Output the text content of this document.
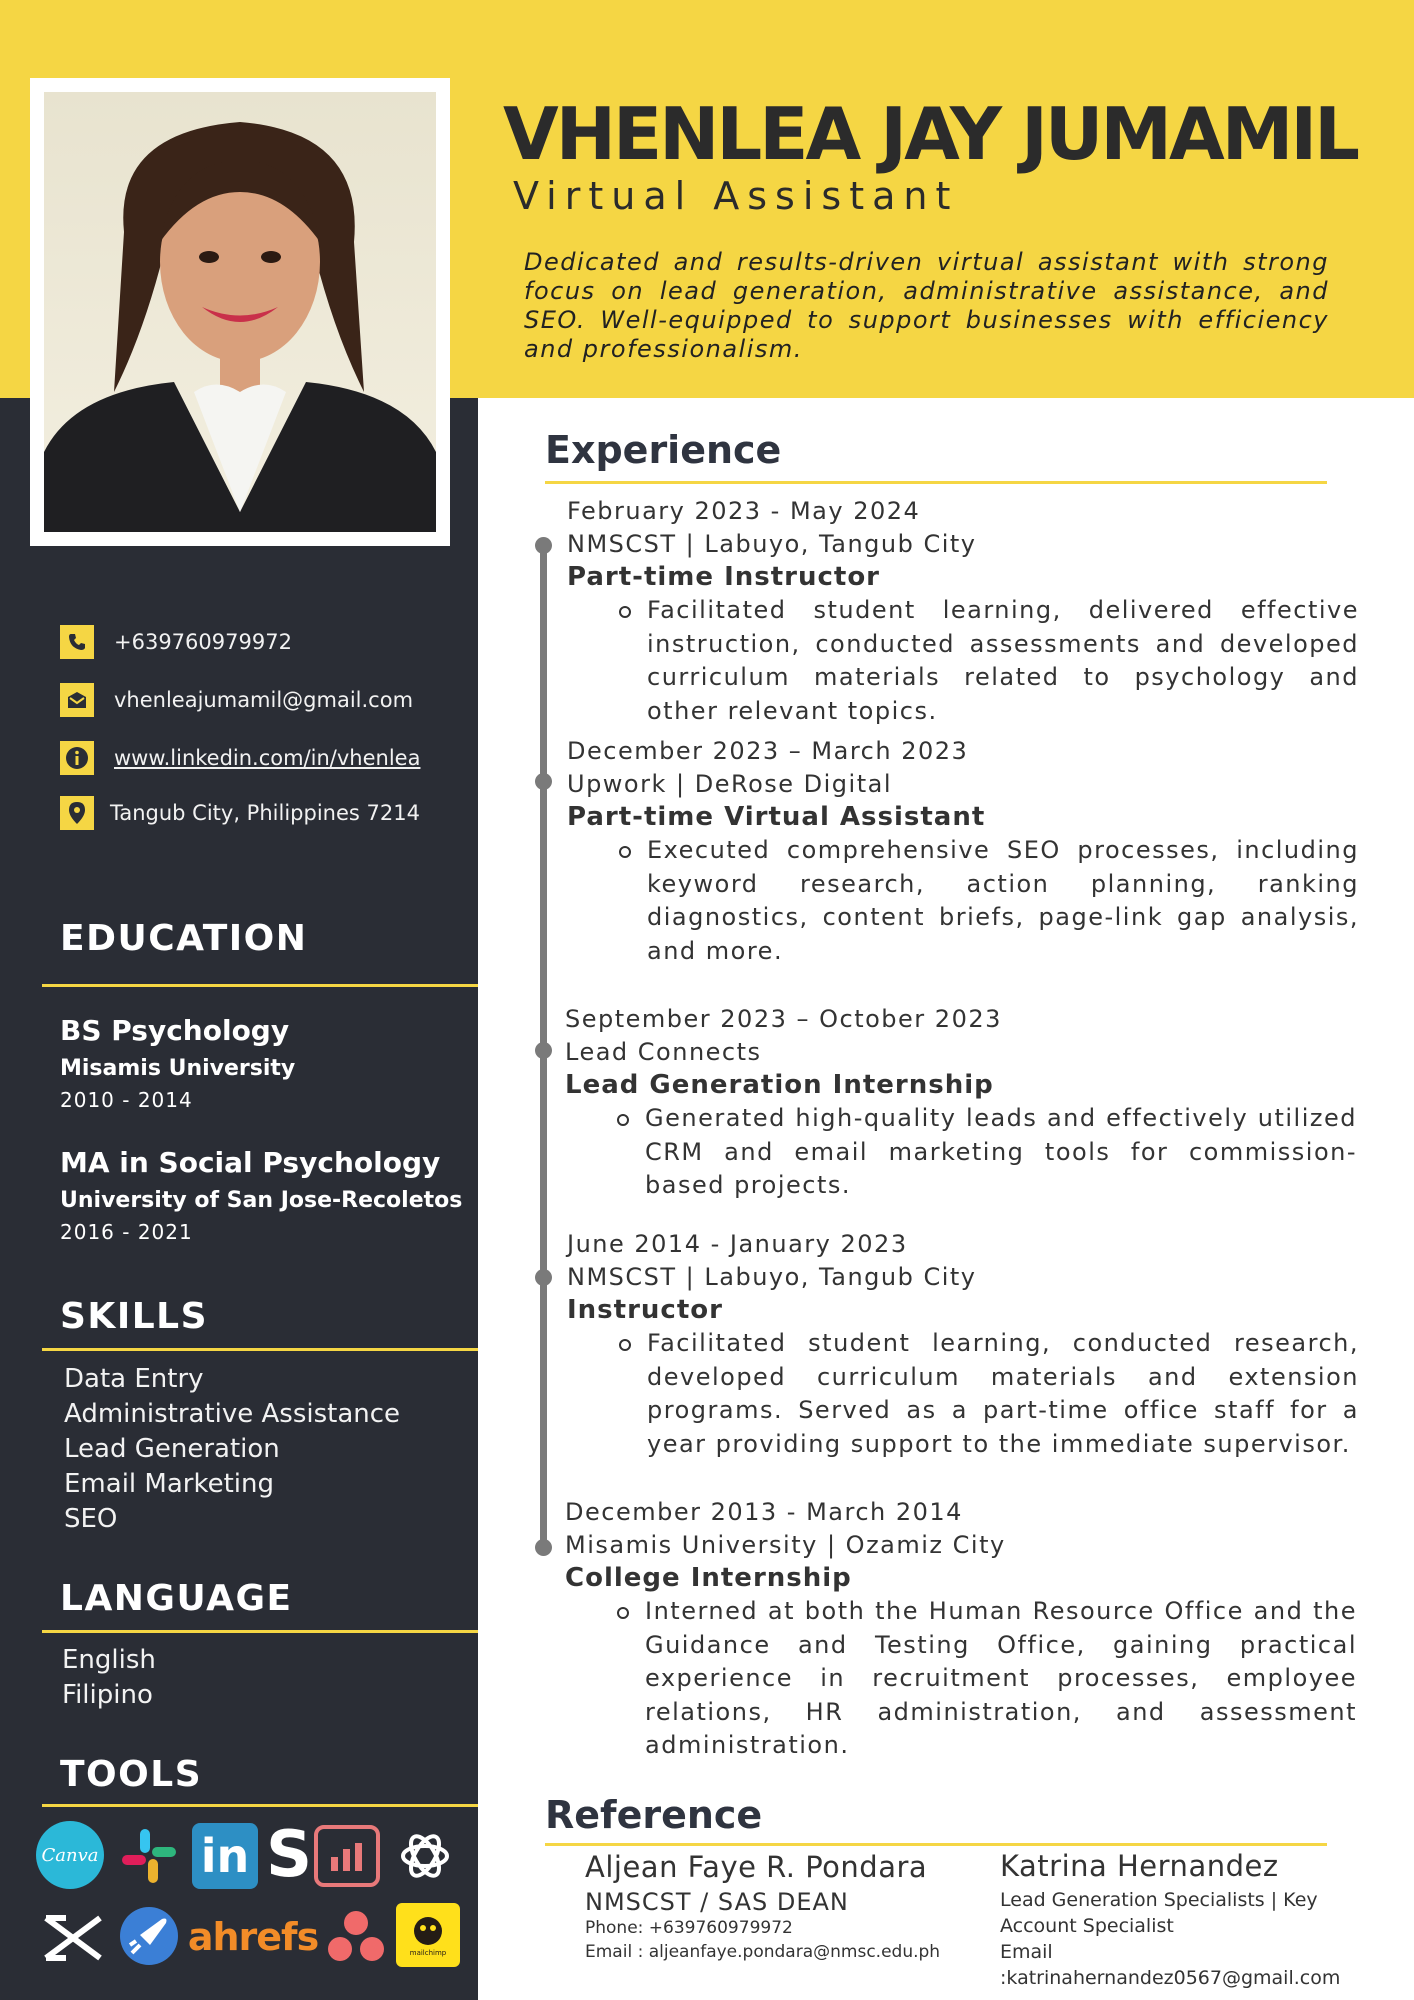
VHENLEA JAY JUMAMIL
Virtual Assistant
Dedicated and results-driven virtual assistant with strong focus on lead generation, administrative assistance, and SEO. Well-equipped to support businesses with efficiency and professionalism.
+639760979972
vhenleajumamil@gmail.com
www.linkedin.com/in/vhenlea
Tangub City, Philippines 7214
EDUCATION
BS Psychology
Misamis University
2010 - 2014
MA in Social Psychology
University of San Jose-Recoletos
2016 - 2021
SKILLS
Data Entry
Administrative Assistance
Lead Generation
Email Marketing
SEO
LANGUAGE
English
Filipino
TOOLS
Canva in S
ahrefs	mailchimp
Experience
February 2023 - May 2024
NMSCST | Labuyo, Tangub City
Part-time Instructor
Facilitated student learning, delivered effective instruction, conducted assessments and developed curriculum materials related to psychology and other relevant topics.
December 2023 – March 2023
Upwork | DeRose Digital
Part-time Virtual Assistant
Executed comprehensive SEO processes, including keyword research, action planning, ranking diagnostics, content briefs, page-link gap analysis, and more.
September 2023 – October 2023
Lead Connects
Lead Generation Internship
Generated high-quality leads and effectively utilized CRM and email marketing tools for commission-based projects.
June 2014 - January 2023
NMSCST | Labuyo, Tangub City
Instructor
Facilitated student learning, conducted research, developed curriculum materials and extension programs. Served as a part-time office staff for a year providing support to the immediate supervisor.
December 2013 - March 2014
Misamis University | Ozamiz City
College Internship
Interned at both the Human Resource Office and the Guidance and Testing Office, gaining practical experience in recruitment processes, employee relations, HR administration, and assessment administration.
Reference
Aljean Faye R. Pondara
NMSCST / SAS DEAN
Phone: +639760979972
Email : aljeanfaye.pondara@nmsc.edu.ph
Katrina Hernandez
Lead Generation Specialists | Key Account Specialist
Email :katrinahernandez0567@gmail.com
